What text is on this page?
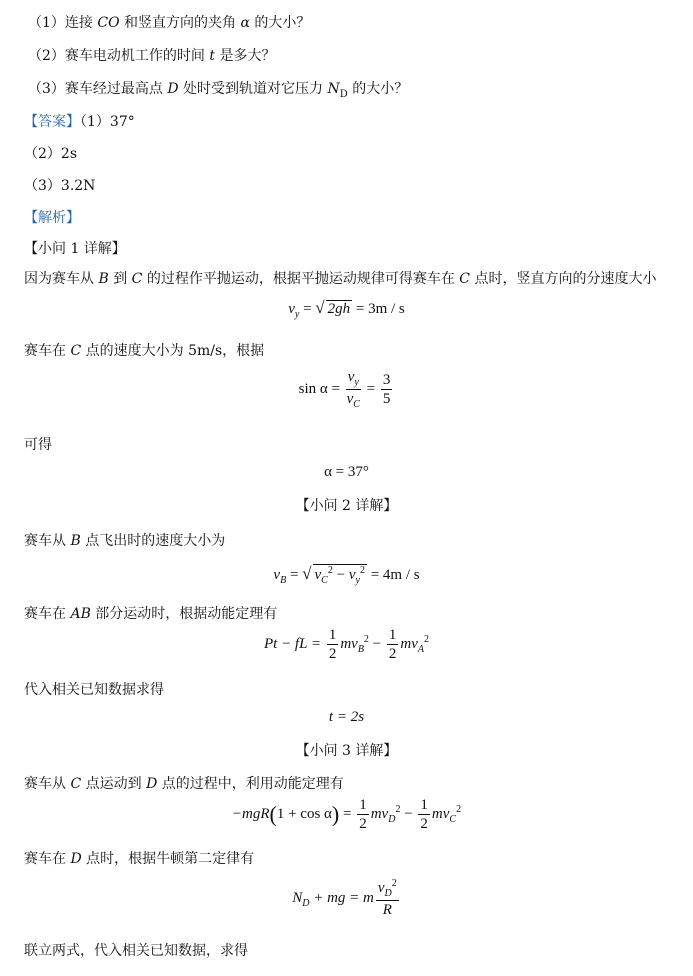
（1）连接 CO 和竖直方向的夹角 α 的大小？
（2）赛车电动机工作的时间 t 是多大？
（3）赛车经过最高点 D 处时受到轨道对它压力 $N_D$ 的大小？
【答案】（1）37°
（2）2s
（3）3.2N
【解析】
【小问 1 详解】
因为赛车从 B 到 C 的过程作平抛运动，根据平抛运动规律可得赛车在 C 点时，竖直方向的分速度大小
$v_y$ = √ 2gh = 3m / s
赛车在 C 点的速度大小为 5m/s，根据
$\sin \alpha = \frac{v_y}{v_C} = \frac{3}{5}$
可得
α = 37°
【小问 2 详解】
赛车从 B 点飞出时的速度大小为
$v_B$ = √ $v_C^2 - v_y^2 = 4m / s$
赛车在 AB 部分运动时，根据动能定理有
Pt − fL = $\frac{1}{2} mv_B^2 - \frac{1}{2} mv_A^2$
代入相关已知数据求得
t = 2s
【小问 3 详解】
赛车从 C 点运动到 D 点的过程中，利用动能定理有
$-mgR(1 + \cos \alpha) = \frac{1}{2} mv_D^2 - \frac{1}{2} mv_C^2$
赛车在 D 点时，根据牛顿第二定律有
$N_D$ + mg = m $\frac{v_D^2}{R}$
联立两式，代入相关已知数据，求得
